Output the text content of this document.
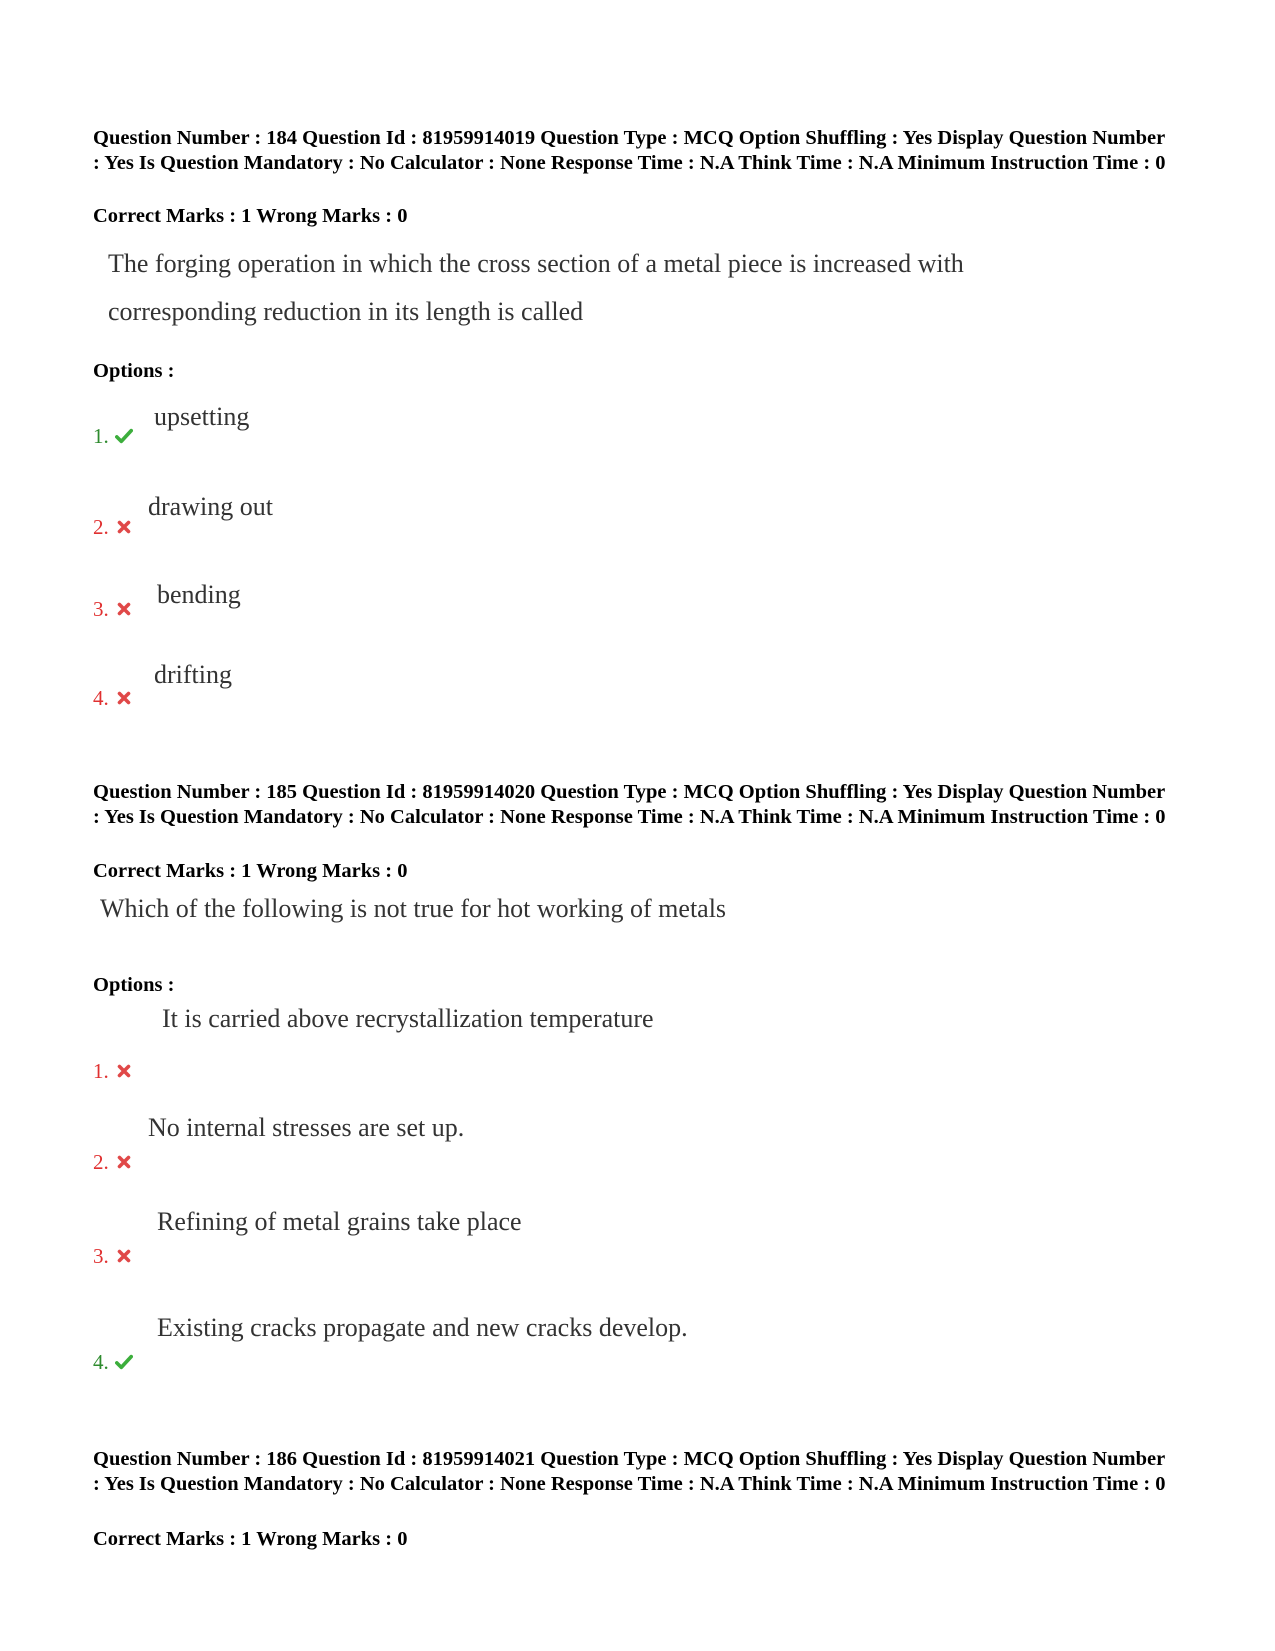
Question Number : 184 Question Id : 81959914019 Question Type : MCQ Option Shuffling : Yes Display Question Number : Yes Is Question Mandatory : No Calculator : None Response Time : N.A Think Time : N.A Minimum Instruction Time : 0
Correct Marks : 1 Wrong Marks : 0
The forging operation in which the cross section of a metal piece is increased with
corresponding reduction in its length is called
Options :
upsetting
1.
drawing out
2.
bending
3.
drifting
4.
Question Number : 185 Question Id : 81959914020 Question Type : MCQ Option Shuffling : Yes Display Question Number : Yes Is Question Mandatory : No Calculator : None Response Time : N.A Think Time : N.A Minimum Instruction Time : 0
Correct Marks : 1 Wrong Marks : 0
Which of the following is not true for hot working of metals
Options :
It is carried above recrystallization temperature
1.
No internal stresses are set up.
2.
Refining of metal grains take place
3.
Existing cracks propagate and new cracks develop.
4.
Question Number : 186 Question Id : 81959914021 Question Type : MCQ Option Shuffling : Yes Display Question Number : Yes Is Question Mandatory : No Calculator : None Response Time : N.A Think Time : N.A Minimum Instruction Time : 0
Correct Marks : 1 Wrong Marks : 0
